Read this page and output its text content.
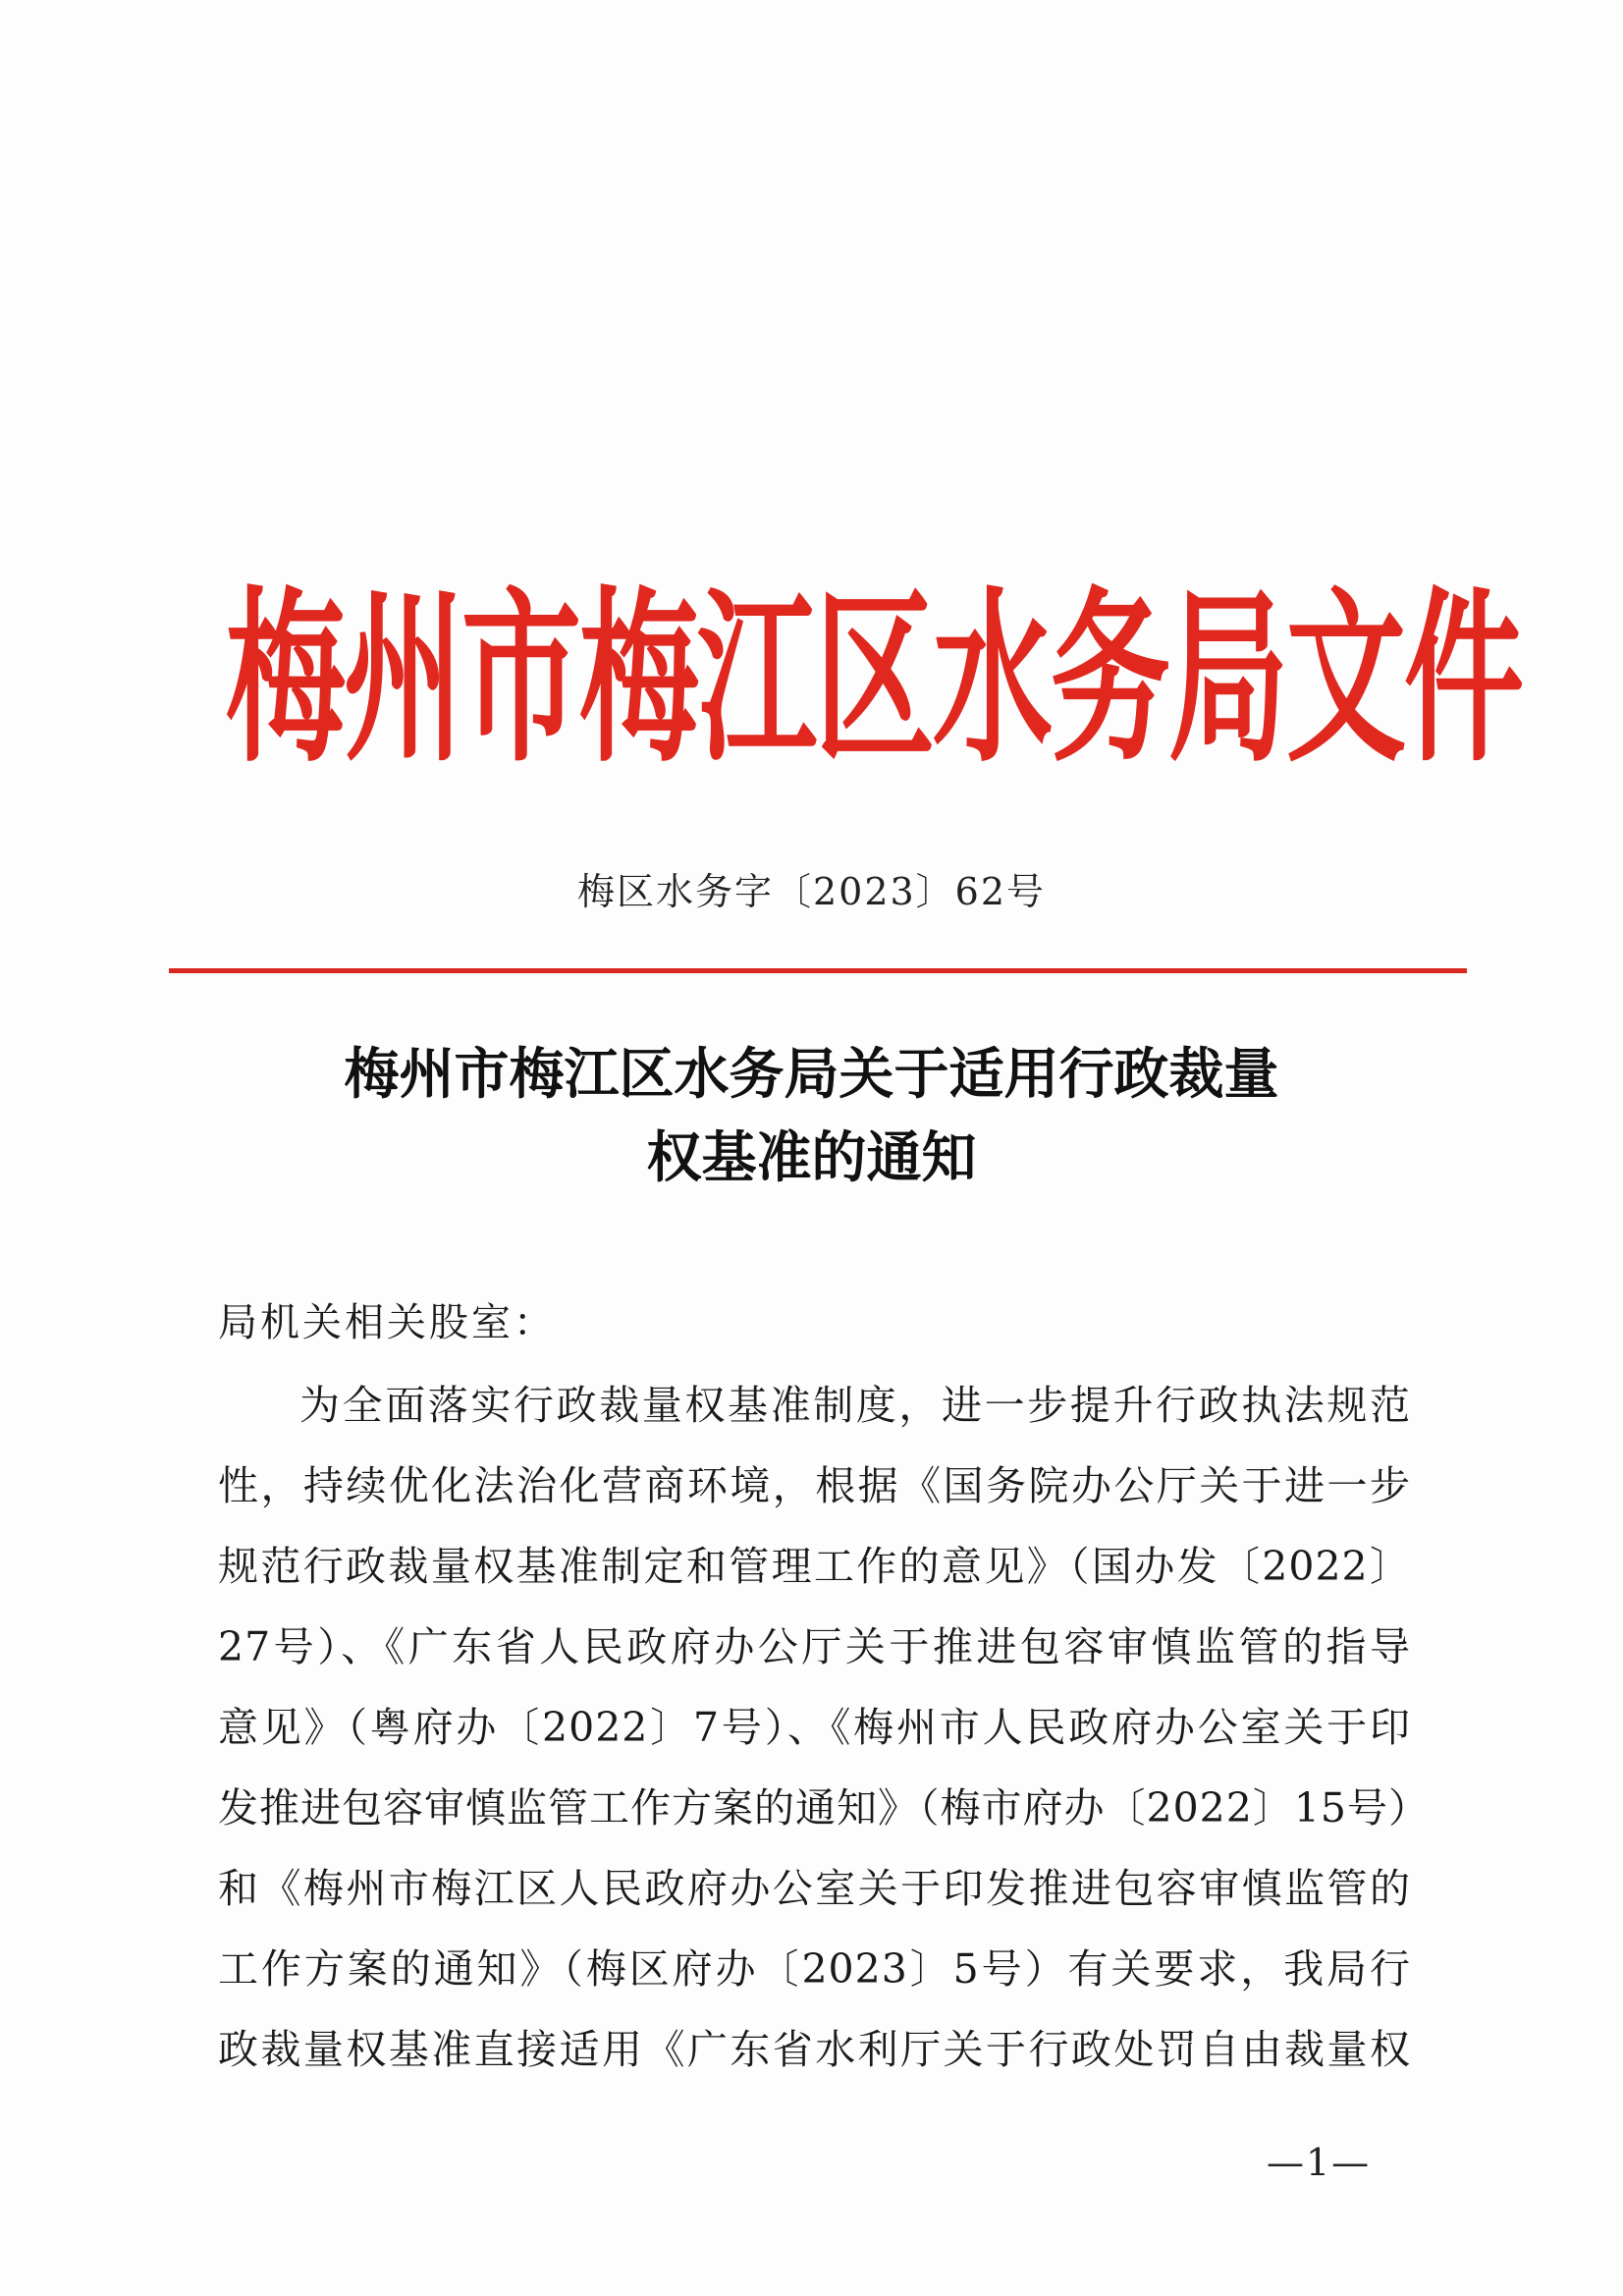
梅州市梅江区水务局文件
梅区水务字〔2023〕62号
梅州市梅江区水务局关于适用行政裁量
权基准的通知
局机关相关股室：
为全面落实行政裁量权基准制度，进一步提升行政执法规范
性，持续优化法治化营商环境，根据《国务院办公厅关于进一步
规范行政裁量权基准制定和管理工作的意见》（国办发〔2022〕
27号）、《广东省人民政府办公厅关于推进包容审慎监管的指导
意见》（粤府办〔2022〕7号）、《梅州市人民政府办公室关于印
发推进包容审慎监管工作方案的通知》（梅市府办〔2022〕15号）
和《梅州市梅江区人民政府办公室关于印发推进包容审慎监管的
工作方案的通知》（梅区府办〔2023〕5号）有关要求，我局行
政裁量权基准直接适用《广东省水利厅关于行政处罚自由裁量权
—1—
